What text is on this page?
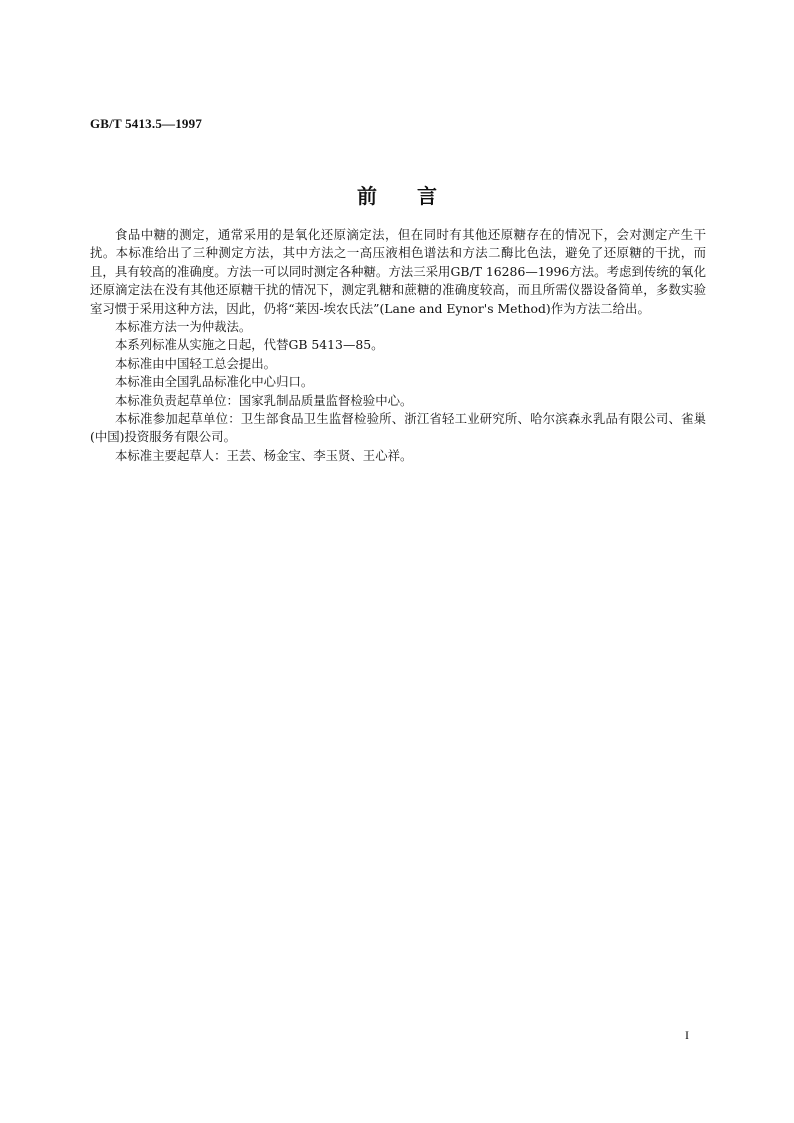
GB/T 5413.5—1997
前言

食品中糖的测定，通常采用的是氧化还原滴定法，但在同时有其他还原糖存在的情况下，会对测定产生干扰。本标准给出了三种测定方法，其中方法之一高压液相色谱法和方法二酶比色法，避免了还原糖的干扰，而且，具有较高的准确度。方法一可以同时测定各种糖。方法三采用GB/T 16286—1996方法。考虑到传统的氧化还原滴定法在没有其他还原糖干扰的情况下，测定乳糖和蔗糖的准确度较高，而且所需仪器设备简单，多数实验室习惯于采用这种方法，因此，仍将“莱因-埃农氏法”(Lane and Eynor's Method)作为方法二给出。

本标准方法一为仲裁法。

本系列标准从实施之日起，代替GB 5413—85。

本标准由中国轻工总会提出。

本标准由全国乳品标准化中心归口。

本标准负责起草单位：国家乳制品质量监督检验中心。

本标准参加起草单位：卫生部食品卫生监督检验所、浙江省轻工业研究所、哈尔滨森永乳品有限公司、雀巢(中国)投资服务有限公司。

本标准主要起草人：王芸、杨金宝、李玉贤、王心祥。

I
